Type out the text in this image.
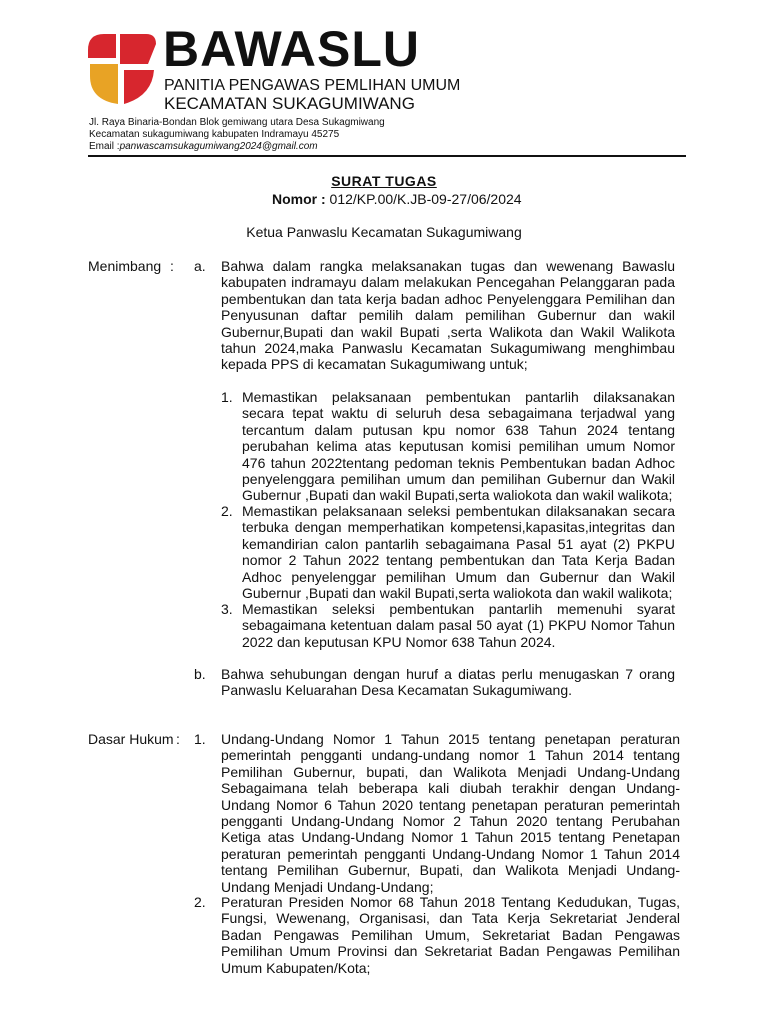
BAWASLU
PANITIA PENGAWAS PEMLIHAN UMUM
KECAMATAN SUKAGUMIWANG
Jl. Raya Binaria-Bondan Blok gemiwang utara Desa Sukagmiwang
Kecamatan sukagumiwang kabupaten Indramayu 45275
Email :panwascamsukagumiwang2024@gmail.com
SURAT TUGAS
Nomor : 012/KP.00/K.JB-09-27/06/2024
Ketua Panwaslu Kecamatan Sukagumiwang
Menimbang : a. Bahwa dalam rangka melaksanakan tugas dan wewenang Bawaslu kabupaten indramayu dalam melakukan Pencegahan Pelanggaran pada pembentukan dan tata kerja badan adhoc Penyelenggara Pemilihan dan Penyusunan daftar pemilih dalam pemilihan Gubernur dan wakil Gubernur,Bupati dan wakil Bupati ,serta Walikota dan Wakil Walikota tahun 2024,maka Panwaslu Kecamatan Sukagumiwang menghimbau kepada PPS di kecamatan Sukagumiwang untuk;

1. Memastikan pelaksanaan pembentukan pantarlih dilaksanakan secara tepat waktu di seluruh desa sebagaimana terjadwal yang tercantum dalam putusan kpu nomor 638 Tahun 2024 tentang perubahan kelima atas keputusan komisi pemilihan umum Nomor 476 tahun 2022tentang pedoman teknis Pembentukan badan Adhoc penyelenggara pemilihan umum dan pemilihan Gubernur dan Wakil Gubernur ,Bupati dan wakil Bupati,serta waliokota dan wakil walikota;

2. Memastikan pelaksanaan seleksi pembentukan dilaksanakan secara terbuka dengan memperhatikan kompetensi,kapasitas,integritas dan kemandirian calon pantarlih sebagaimana Pasal 51 ayat (2) PKPU nomor 2 Tahun 2022 tentang pembentukan dan Tata Kerja Badan Adhoc penyelenggar pemilihan Umum dan Gubernur dan Wakil Gubernur ,Bupati dan wakil Bupati,serta waliokota dan wakil walikota;

3. Memastikan seleksi pembentukan pantarlih memenuhi syarat sebagaimana ketentuan dalam pasal 50 ayat (1) PKPU Nomor Tahun 2022 dan keputusan KPU Nomor 638 Tahun 2024.

b. Bahwa sehubungan dengan huruf a diatas perlu menugaskan 7 orang Panwaslu Keluarahan Desa Kecamatan Sukagumiwang.

Dasar Hukum : 1. Undang-Undang Nomor 1 Tahun 2015 tentang penetapan peraturan pemerintah pengganti undang-undang nomor 1 Tahun 2014 tentang Pemilihan Gubernur, bupati, dan Walikota Menjadi Undang-Undang Sebagaimana telah beberapa kali diubah terakhir dengan Undang-Undang Nomor 6 Tahun 2020 tentang penetapan peraturan pemerintah pengganti Undang-Undang Nomor 2 Tahun 2020 tentang Perubahan Ketiga atas Undang-Undang Nomor 1 Tahun 2015 tentang Penetapan peraturan pemerintah pengganti Undang-Undang Nomor 1 Tahun 2014 tentang Pemilihan Gubernur, Bupati, dan Walikota Menjadi Undang-Undang Menjadi Undang-Undang;

2. Peraturan Presiden Nomor 68 Tahun 2018 Tentang Kedudukan, Tugas, Fungsi, Wewenang, Organisasi, dan Tata Kerja Sekretariat Jenderal Badan Pengawas Pemilihan Umum, Sekretariat Badan Pengawas Pemilihan Umum Provinsi dan Sekretariat Badan Pengawas Pemilihan Umum Kabupaten/Kota;
